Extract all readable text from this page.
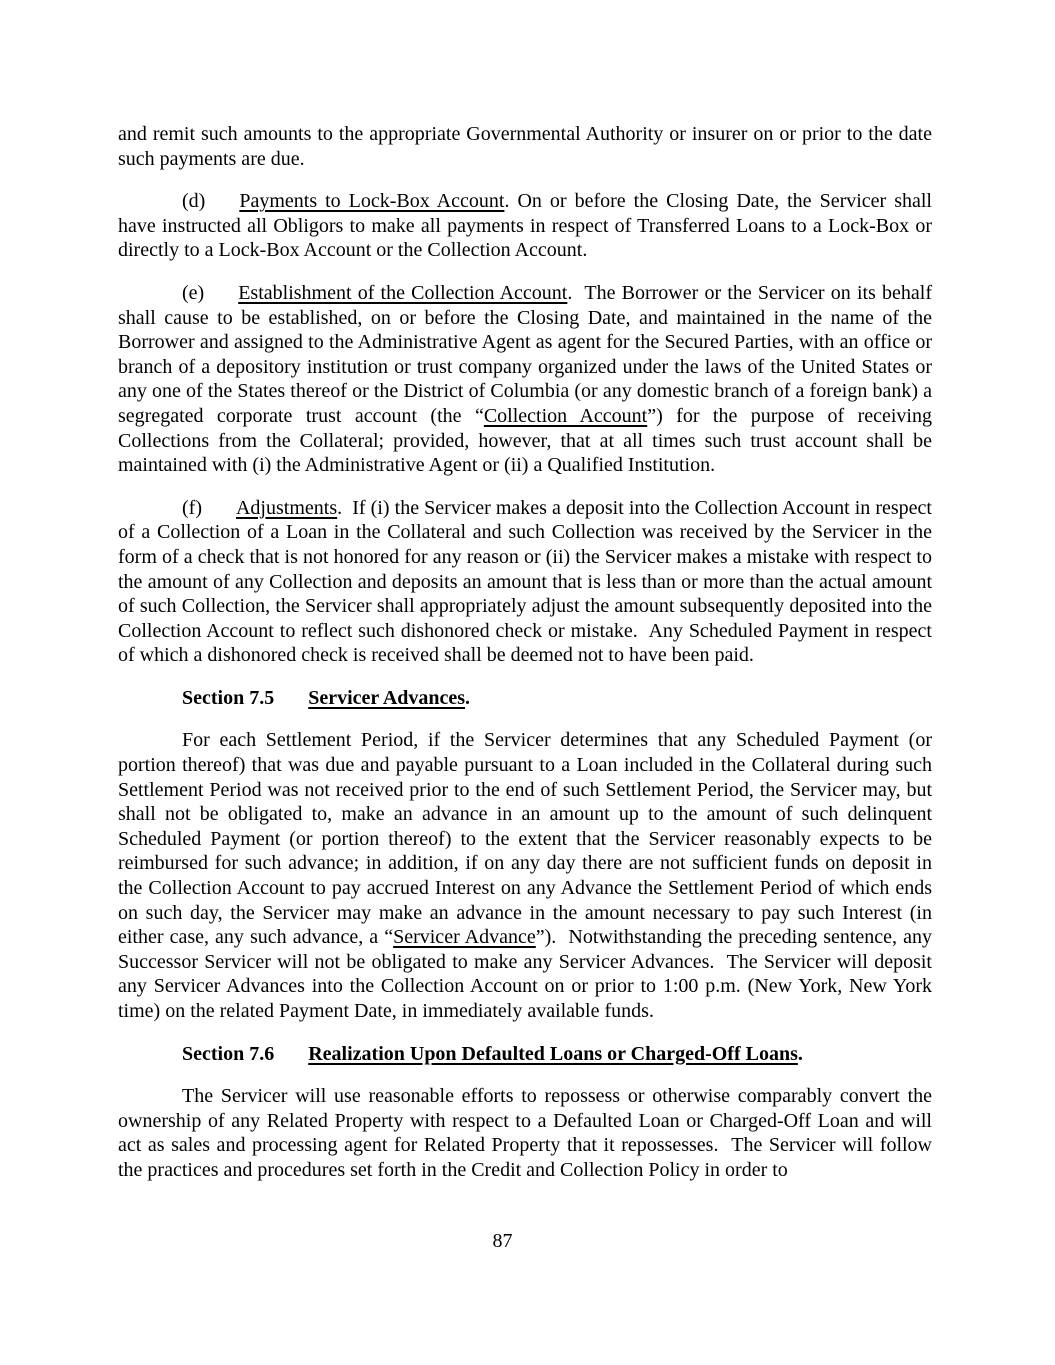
and remit such amounts to the appropriate Governmental Authority or insurer on or prior to the date such payments are due.

(d) Payments to Lock-Box Account. On or before the Closing Date, the Servicer shall have instructed all Obligors to make all payments in respect of Transferred Loans to a Lock-Box or directly to a Lock-Box Account or the Collection Account.

(e) Establishment of the Collection Account.  The Borrower or the Servicer on its behalf shall cause to be established, on or before the Closing Date, and maintained in the name of the Borrower and assigned to the Administrative Agent as agent for the Secured Parties, with an office or branch of a depository institution or trust company organized under the laws of the United States or any one of the States thereof or the District of Columbia (or any domestic branch of a foreign bank) a segregated corporate trust account (the “Collection Account”) for the purpose of receiving Collections from the Collateral; provided, however, that at all times such trust account shall be maintained with (i) the Administrative Agent or (ii) a Qualified Institution.

(f) Adjustments.  If (i) the Servicer makes a deposit into the Collection Account in respect of a Collection of a Loan in the Collateral and such Collection was received by the Servicer in the form of a check that is not honored for any reason or (ii) the Servicer makes a mistake with respect to the amount of any Collection and deposits an amount that is less than or more than the actual amount of such Collection, the Servicer shall appropriately adjust the amount subsequently deposited into the Collection Account to reflect such dishonored check or mistake.  Any Scheduled Payment in respect of which a dishonored check is received shall be deemed not to have been paid.

Section 7.5 Servicer Advances.

For each Settlement Period, if the Servicer determines that any Scheduled Payment (or portion thereof) that was due and payable pursuant to a Loan included in the Collateral during such Settlement Period was not received prior to the end of such Settlement Period, the Servicer may, but shall not be obligated to, make an advance in an amount up to the amount of such delinquent Scheduled Payment (or portion thereof) to the extent that the Servicer reasonably expects to be reimbursed for such advance; in addition, if on any day there are not sufficient funds on deposit in the Collection Account to pay accrued Interest on any Advance the Settlement Period of which ends on such day, the Servicer may make an advance in the amount necessary to pay such Interest (in either case, any such advance, a “Servicer Advance”).  Notwithstanding the preceding sentence, any Successor Servicer will not be obligated to make any Servicer Advances.  The Servicer will deposit any Servicer Advances into the Collection Account on or prior to 1:00 p.m. (New York, New York time) on the related Payment Date, in immediately available funds.

Section 7.6 Realization Upon Defaulted Loans or Charged-Off Loans.

The Servicer will use reasonable efforts to repossess or otherwise comparably convert the ownership of any Related Property with respect to a Defaulted Loan or Charged-Off Loan and will act as sales and processing agent for Related Property that it repossesses.  The Servicer will follow the practices and procedures set forth in the Credit and Collection Policy in order to

87
